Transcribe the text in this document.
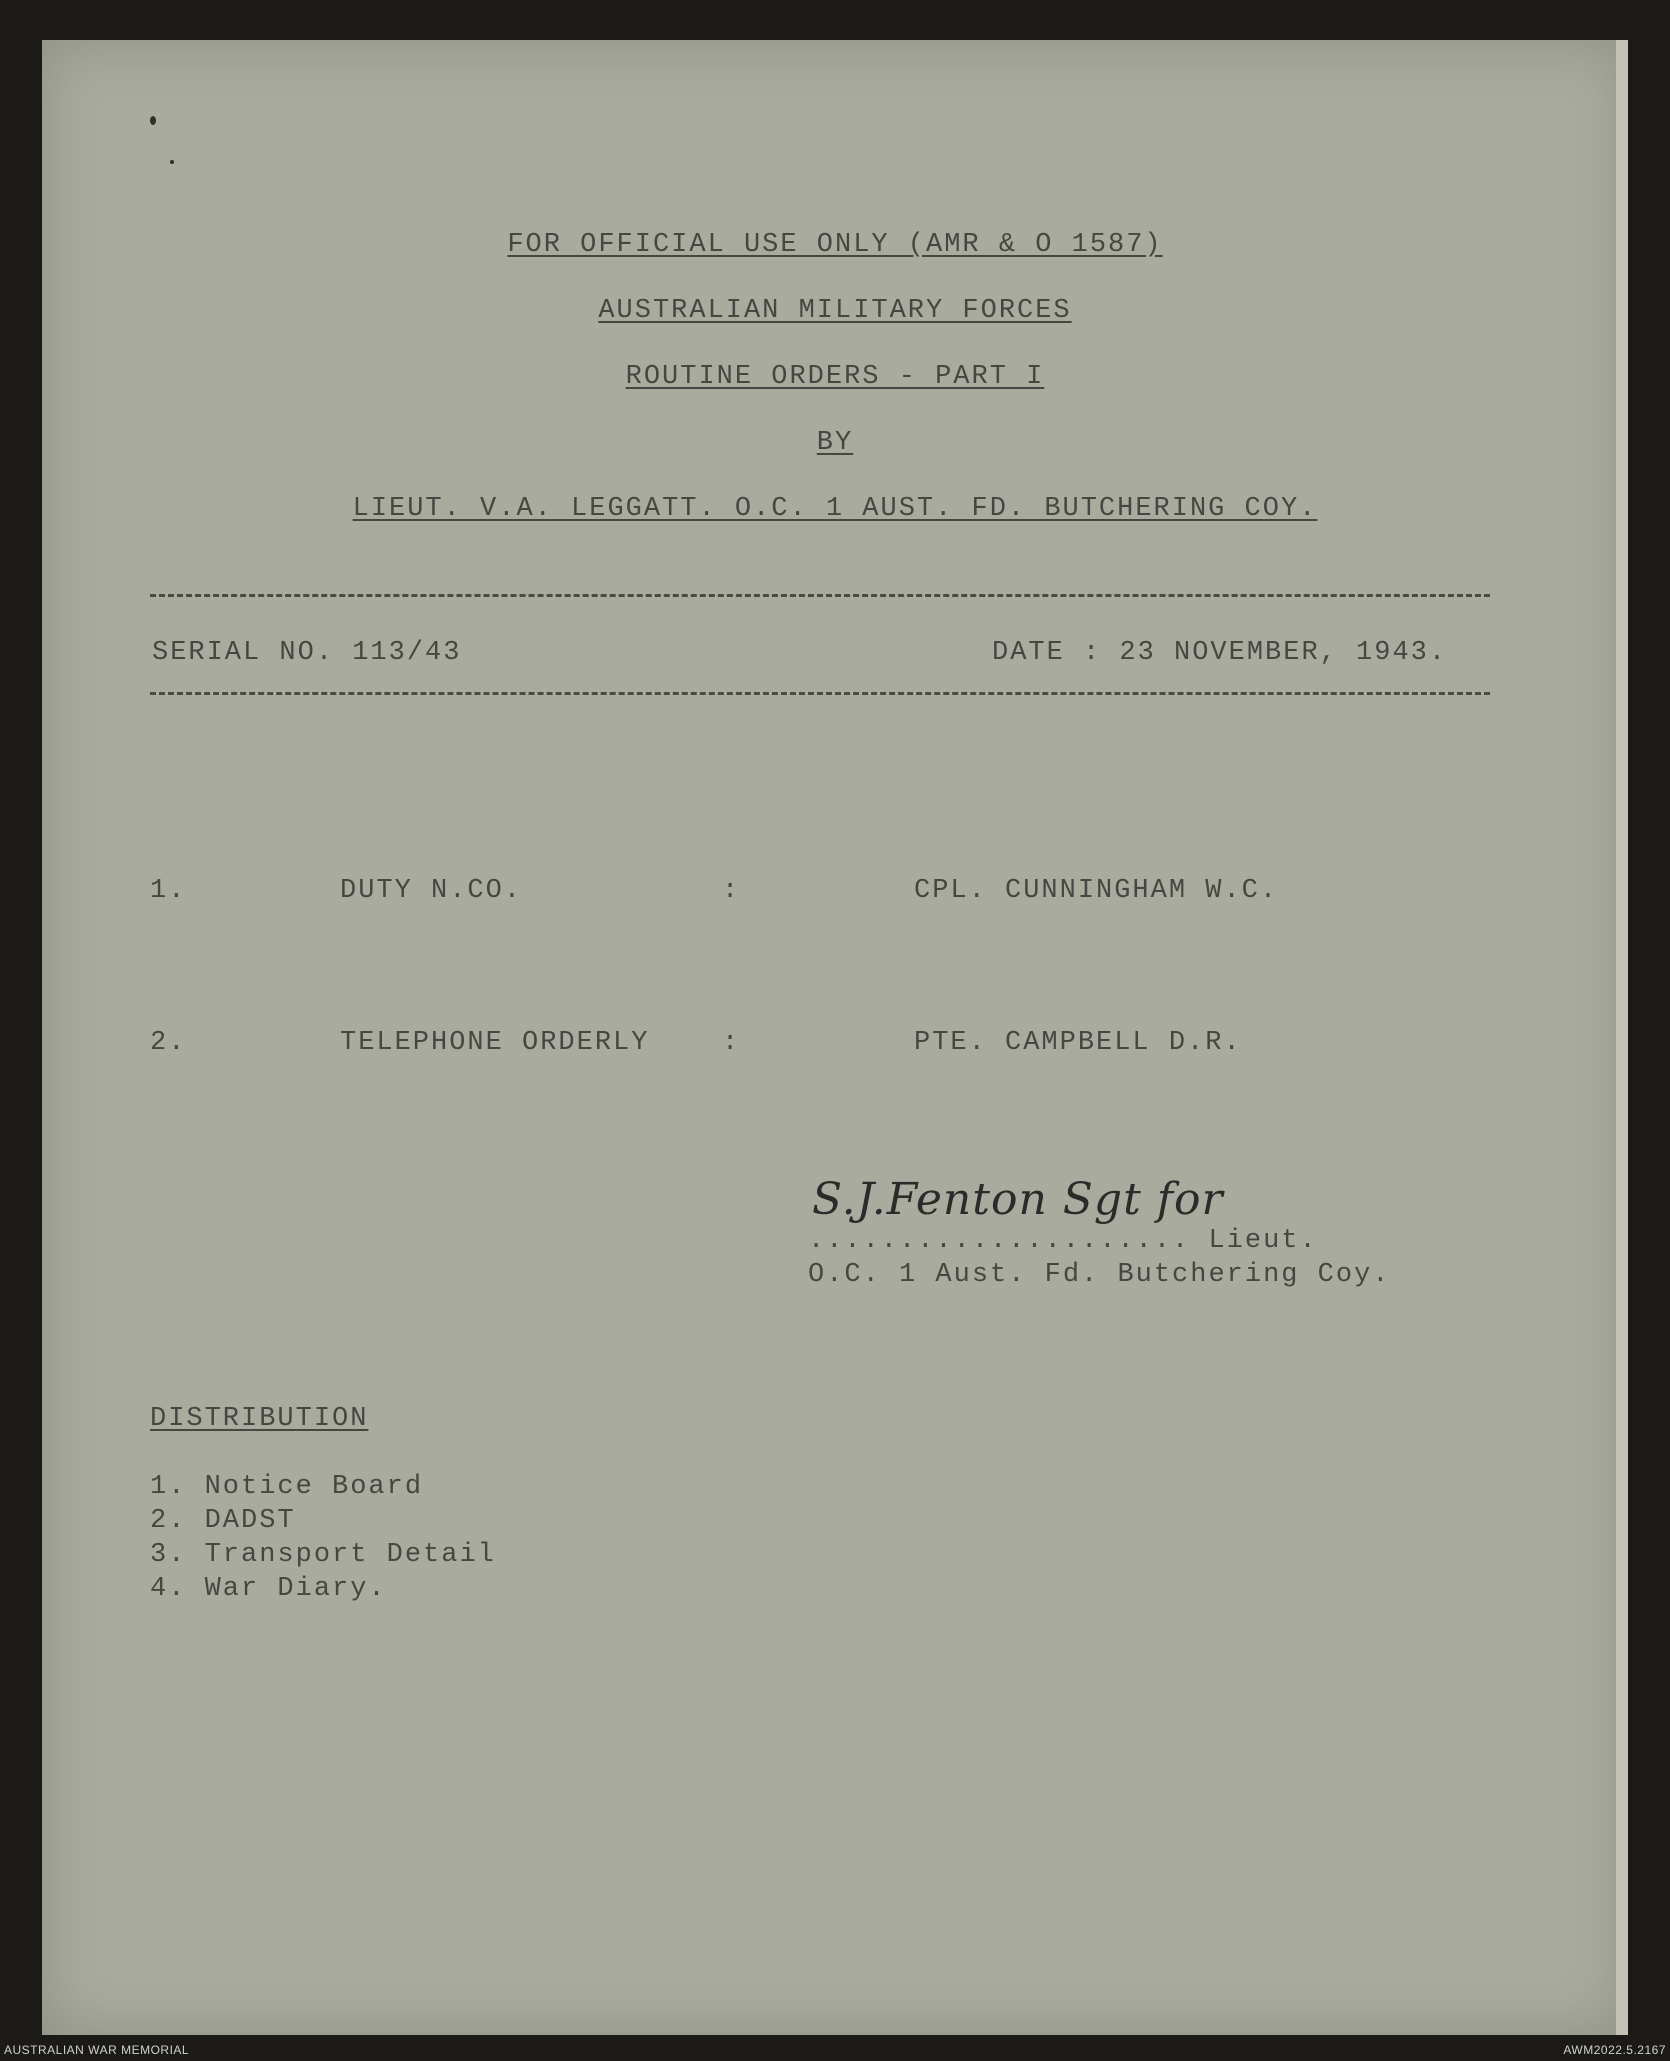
FOR OFFICIAL USE ONLY (AMR & O 1587)
AUSTRALIAN MILITARY FORCES
ROUTINE ORDERS - PART I
BY
LIEUT. V.A. LEGGATT. O.C. 1 AUST. FD. BUTCHERING COY.
SERIAL NO. 113/43	DATE : 23 NOVEMBER, 1943.
1.	DUTY N.CO.	:	CPL. CUNNINGHAM W.C.
2.	TELEPHONE ORDERLY	:	PTE. CAMPBELL D.R.
S.J.Fenton Sgt for
..................... Lieut.
O.C. 1 Aust. Fd. Butchering Coy.
DISTRIBUTION
1. Notice Board
2. DADST
3. Transport Detail
4. War Diary.
AUSTRALIAN WAR MEMORIAL	AWM2022.5.2167
